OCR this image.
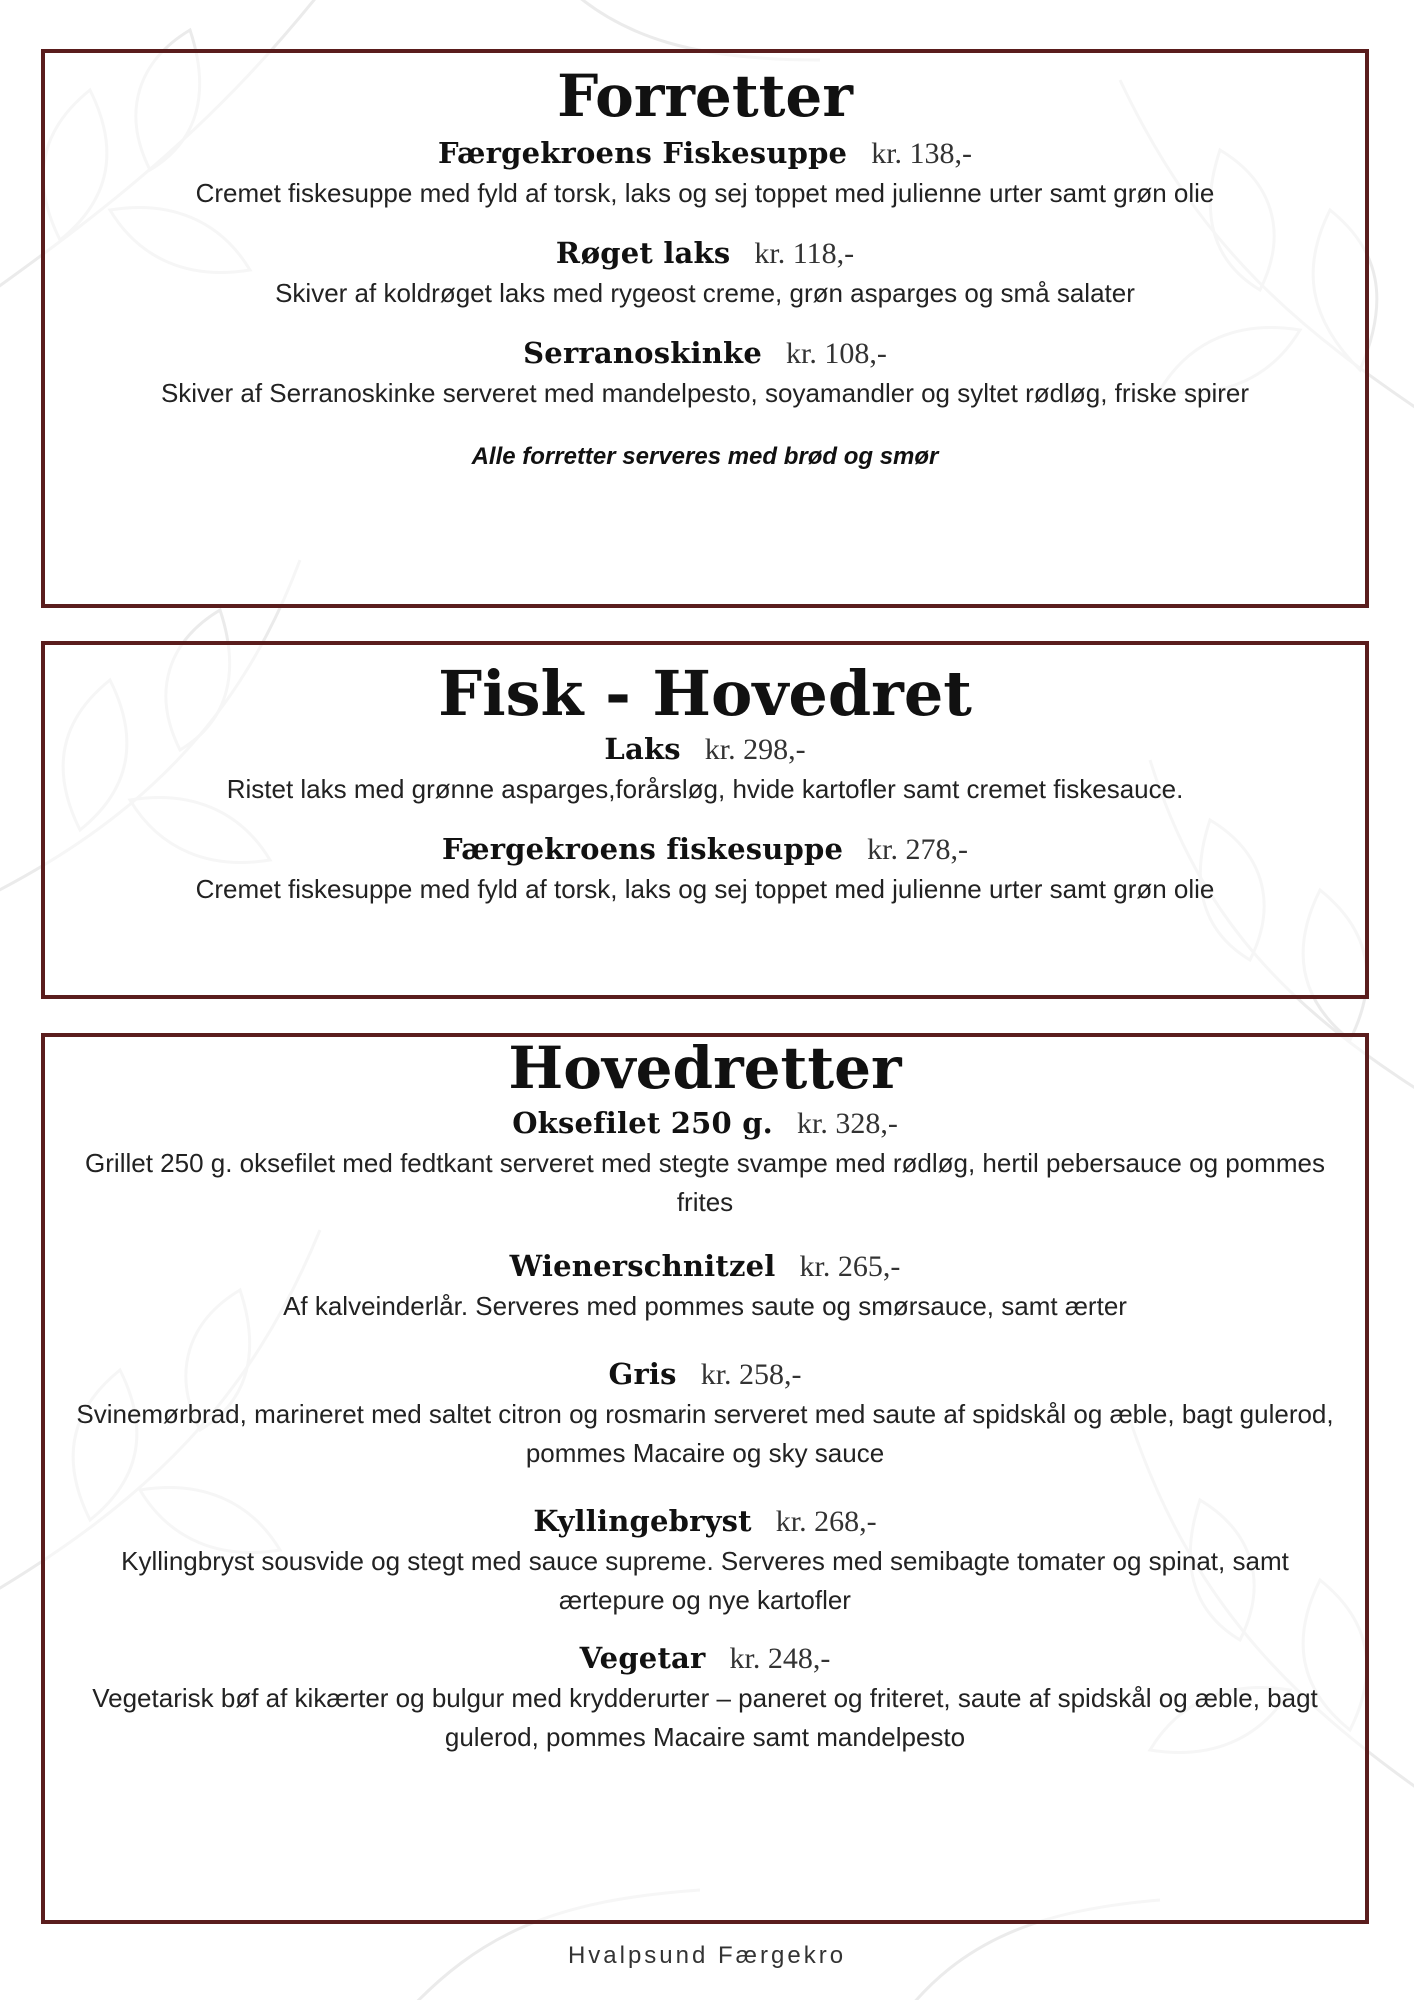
Forretter

Færgekroens Fiskesuppe kr. 138,-

Cremet fiskesuppe med fyld af torsk, laks og sej toppet med julienne urter samt grøn olie

Røget laks kr. 118,-

Skiver af koldrøget laks med rygeost creme, grøn asparges og små salater

Serranoskinke kr. 108,-

Skiver af Serranoskinke serveret med mandelpesto, soyamandler og syltet rødløg, friske spirer

Alle forretter serveres med brød og smør

Fisk - Hovedret

Laks kr. 298,-

Ristet laks med grønne asparges,forårsløg, hvide kartofler samt cremet fiskesauce.

Færgekroens fiskesuppe kr. 278,-

Cremet fiskesuppe med fyld af torsk, laks og sej toppet med julienne urter samt grøn olie

Hovedretter

Oksefilet 250 g. kr. 328,-

Grillet 250 g. oksefilet med fedtkant serveret med stegte svampe med rødløg, hertil pebersauce og pommes frites

Wienerschnitzel kr. 265,-

Af kalveinderlår. Serveres med pommes saute og smørsauce, samt ærter

Gris kr. 258,-

Svinemørbrad, marineret med saltet citron og rosmarin serveret med saute af spidskål og æble, bagt gulerod, pommes Macaire og sky sauce

Kyllingebryst kr. 268,-

Kyllingbryst sousvide og stegt med sauce supreme. Serveres med semibagte tomater og spinat, samt ærtepure og nye kartofler

Vegetar kr. 248,-

Vegetarisk bøf af kikærter og bulgur med krydderurter – paneret og friteret, saute af spidskål og æble, bagt gulerod, pommes Macaire samt mandelpesto

Hvalpsund Færgekro
